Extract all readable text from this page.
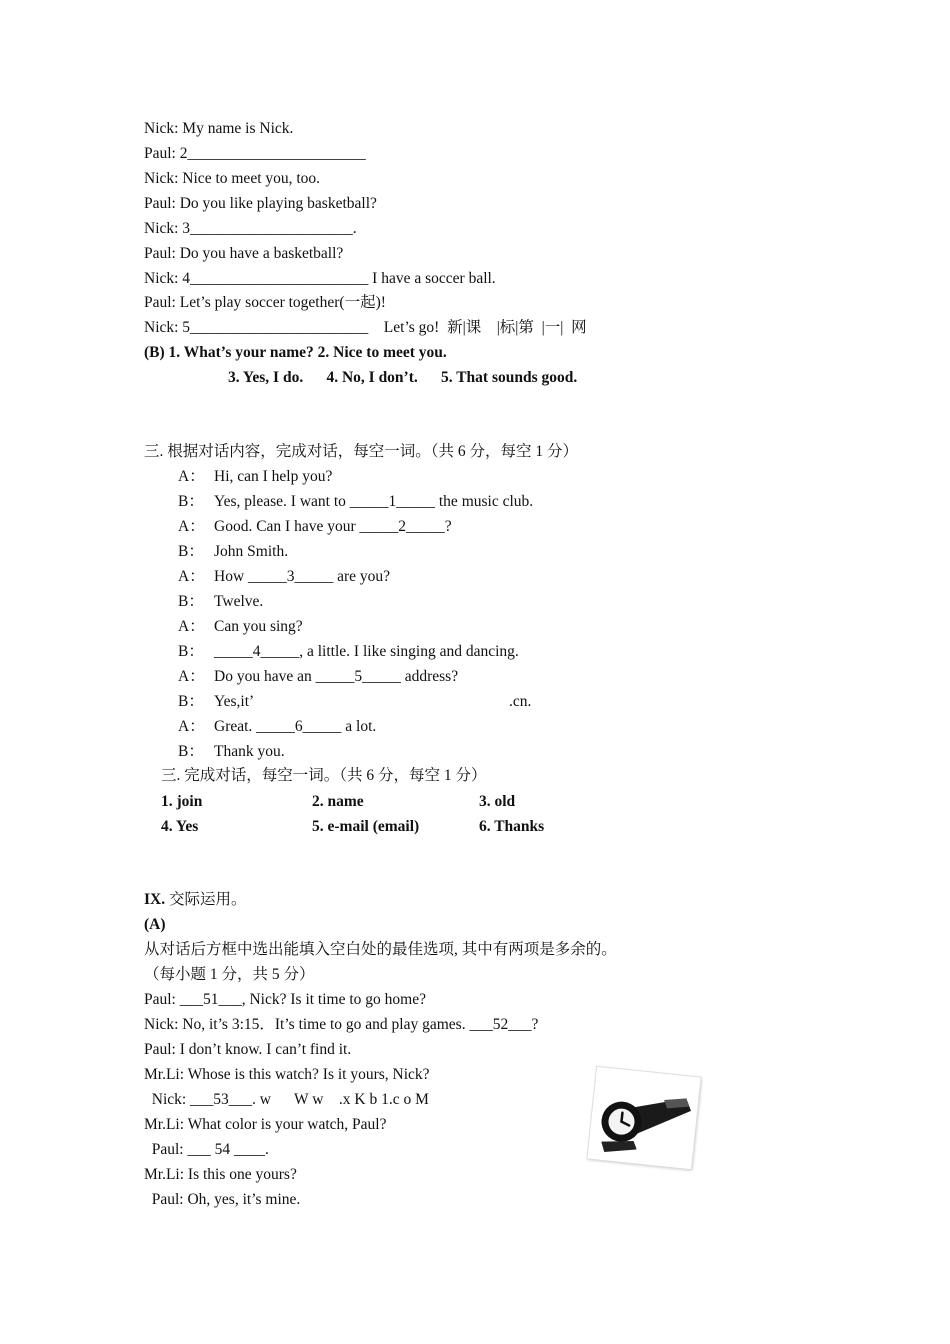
Nick: My name is Nick.
Paul: 2_______________________
Nick: Nice to meet you, too.
Paul: Do you like playing basketball?
Nick: 3_____________________.
Paul: Do you have a basketball?
Nick: 4_______________________ I have a soccer ball.
Paul: Let’s play soccer together(一起)!
Nick: 5_______________________    Let’s go!  新|课    |标|第  |一|  网
(B) 1. What’s your name? 2. Nice to meet you.
3. Yes, I do.      4. No, I don’t.      5. That sounds good.
三. 根据对话内容，完成对话，每空一词。（共 6 分，每空 1 分）
A： Hi, can I help you?
B： Yes, please. I want to _____1_____ the music club.
A： Good. Can I have your _____2_____?
B： John Smith.
A： How _____3_____ are you?
B： Twelve.
A： Can you sing?
B： _____4_____, a little. I like singing and dancing.
A： Do you have an _____5_____ address?
B： Yes,it’	.cn.
A： Great. _____6_____ a lot.
B： Thank you.
三. 完成对话，每空一词。（共 6 分，每空 1 分）
1. join	2. name	3. old
4. Yes	5. e-mail (email)	6. Thanks
IX. 交际运用。
(A)
从对话后方框中选出能填入空白处的最佳选项, 其中有两项是多余的。
（每小题 1 分，共 5 分）
Paul: ___51___, Nick? Is it time to go home?
Nick: No, it’s 3:15．It’s time to go and play games. ___52___?
Paul: I don’t know. I can’t find it.
Mr.Li: Whose is this watch? Is it yours, Nick?
Nick: ___53___. w      W w    .x K b 1.c o M
Mr.Li: What color is your watch, Paul?
Paul: ___ 54 ____.
Mr.Li: Is this one yours?
Paul: Oh, yes, it’s mine.
